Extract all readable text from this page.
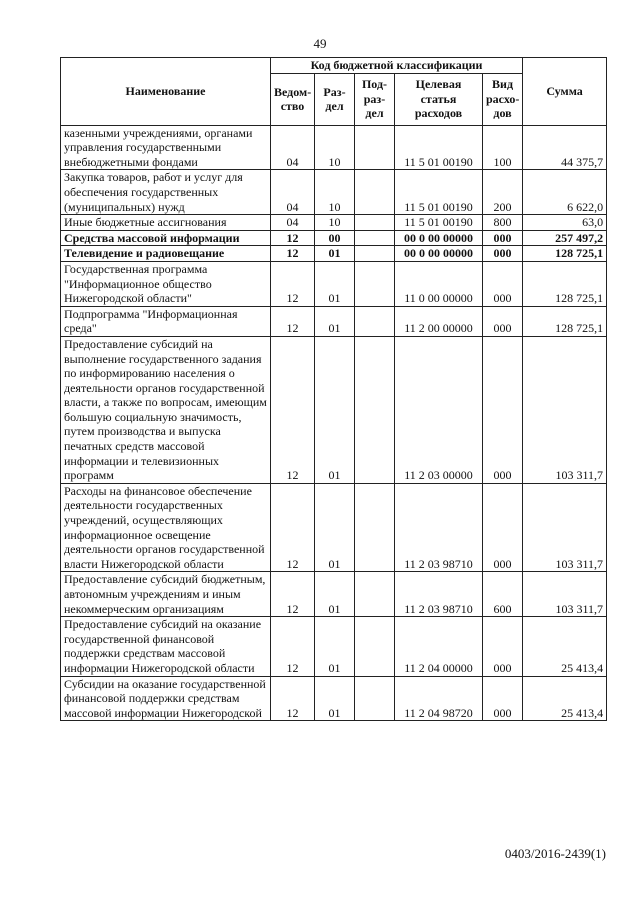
49
Наименование	Код бюджетной классификации					Сумма
	Ведом-ство	Раз-дел	Под-раз-дел	Целевая статья расходов	Вид расхо-дов	
казенными учреждениями, органами управления государственными внебюджетными фондами	04	10		11 5 01 00190	100	44 375,7
Закупка товаров, работ и услуг для обеспечения государственных (муниципальных) нужд	04	10		11 5 01 00190	200	6 622,0
Иные бюджетные ассигнования	04	10		11 5 01 00190	800	63,0
Средства массовой информации	12	00		00 0 00 00000	000	257 497,2
Телевидение и радиовещание	12	01		00 0 00 00000	000	128 725,1
Государственная программа "Информационное общество Нижегородской области"	12	01		11 0 00 00000	000	128 725,1
Подпрограмма "Информационная среда"	12	01		11 2 00 00000	000	128 725,1
Предоставление субсидий на выполнение государственного задания по информированию населения о деятельности органов государственной власти, а также по вопросам, имеющим большую социальную значимость, путем производства и выпуска печатных средств массовой информации и телевизионных программ	12	01		11 2 03 00000	000	103 311,7
Расходы на финансовое обеспечение деятельности государственных учреждений, осуществляющих информационное освещение деятельности органов государственной власти Нижегородской области	12	01		11 2 03 98710	000	103 311,7
Предоставление субсидий бюджетным, автономным учреждениям и иным некоммерческим организациям	12	01		11 2 03 98710	600	103 311,7
Предоставление субсидий на оказание государственной финансовой поддержки средствам массовой информации Нижегородской области	12	01		11 2 04 00000	000	25 413,4
Субсидии на оказание государственной финансовой поддержки средствам массовой информации Нижегородской	12	01		11 2 04 98720	000	25 413,4
0403/2016-2439(1)
